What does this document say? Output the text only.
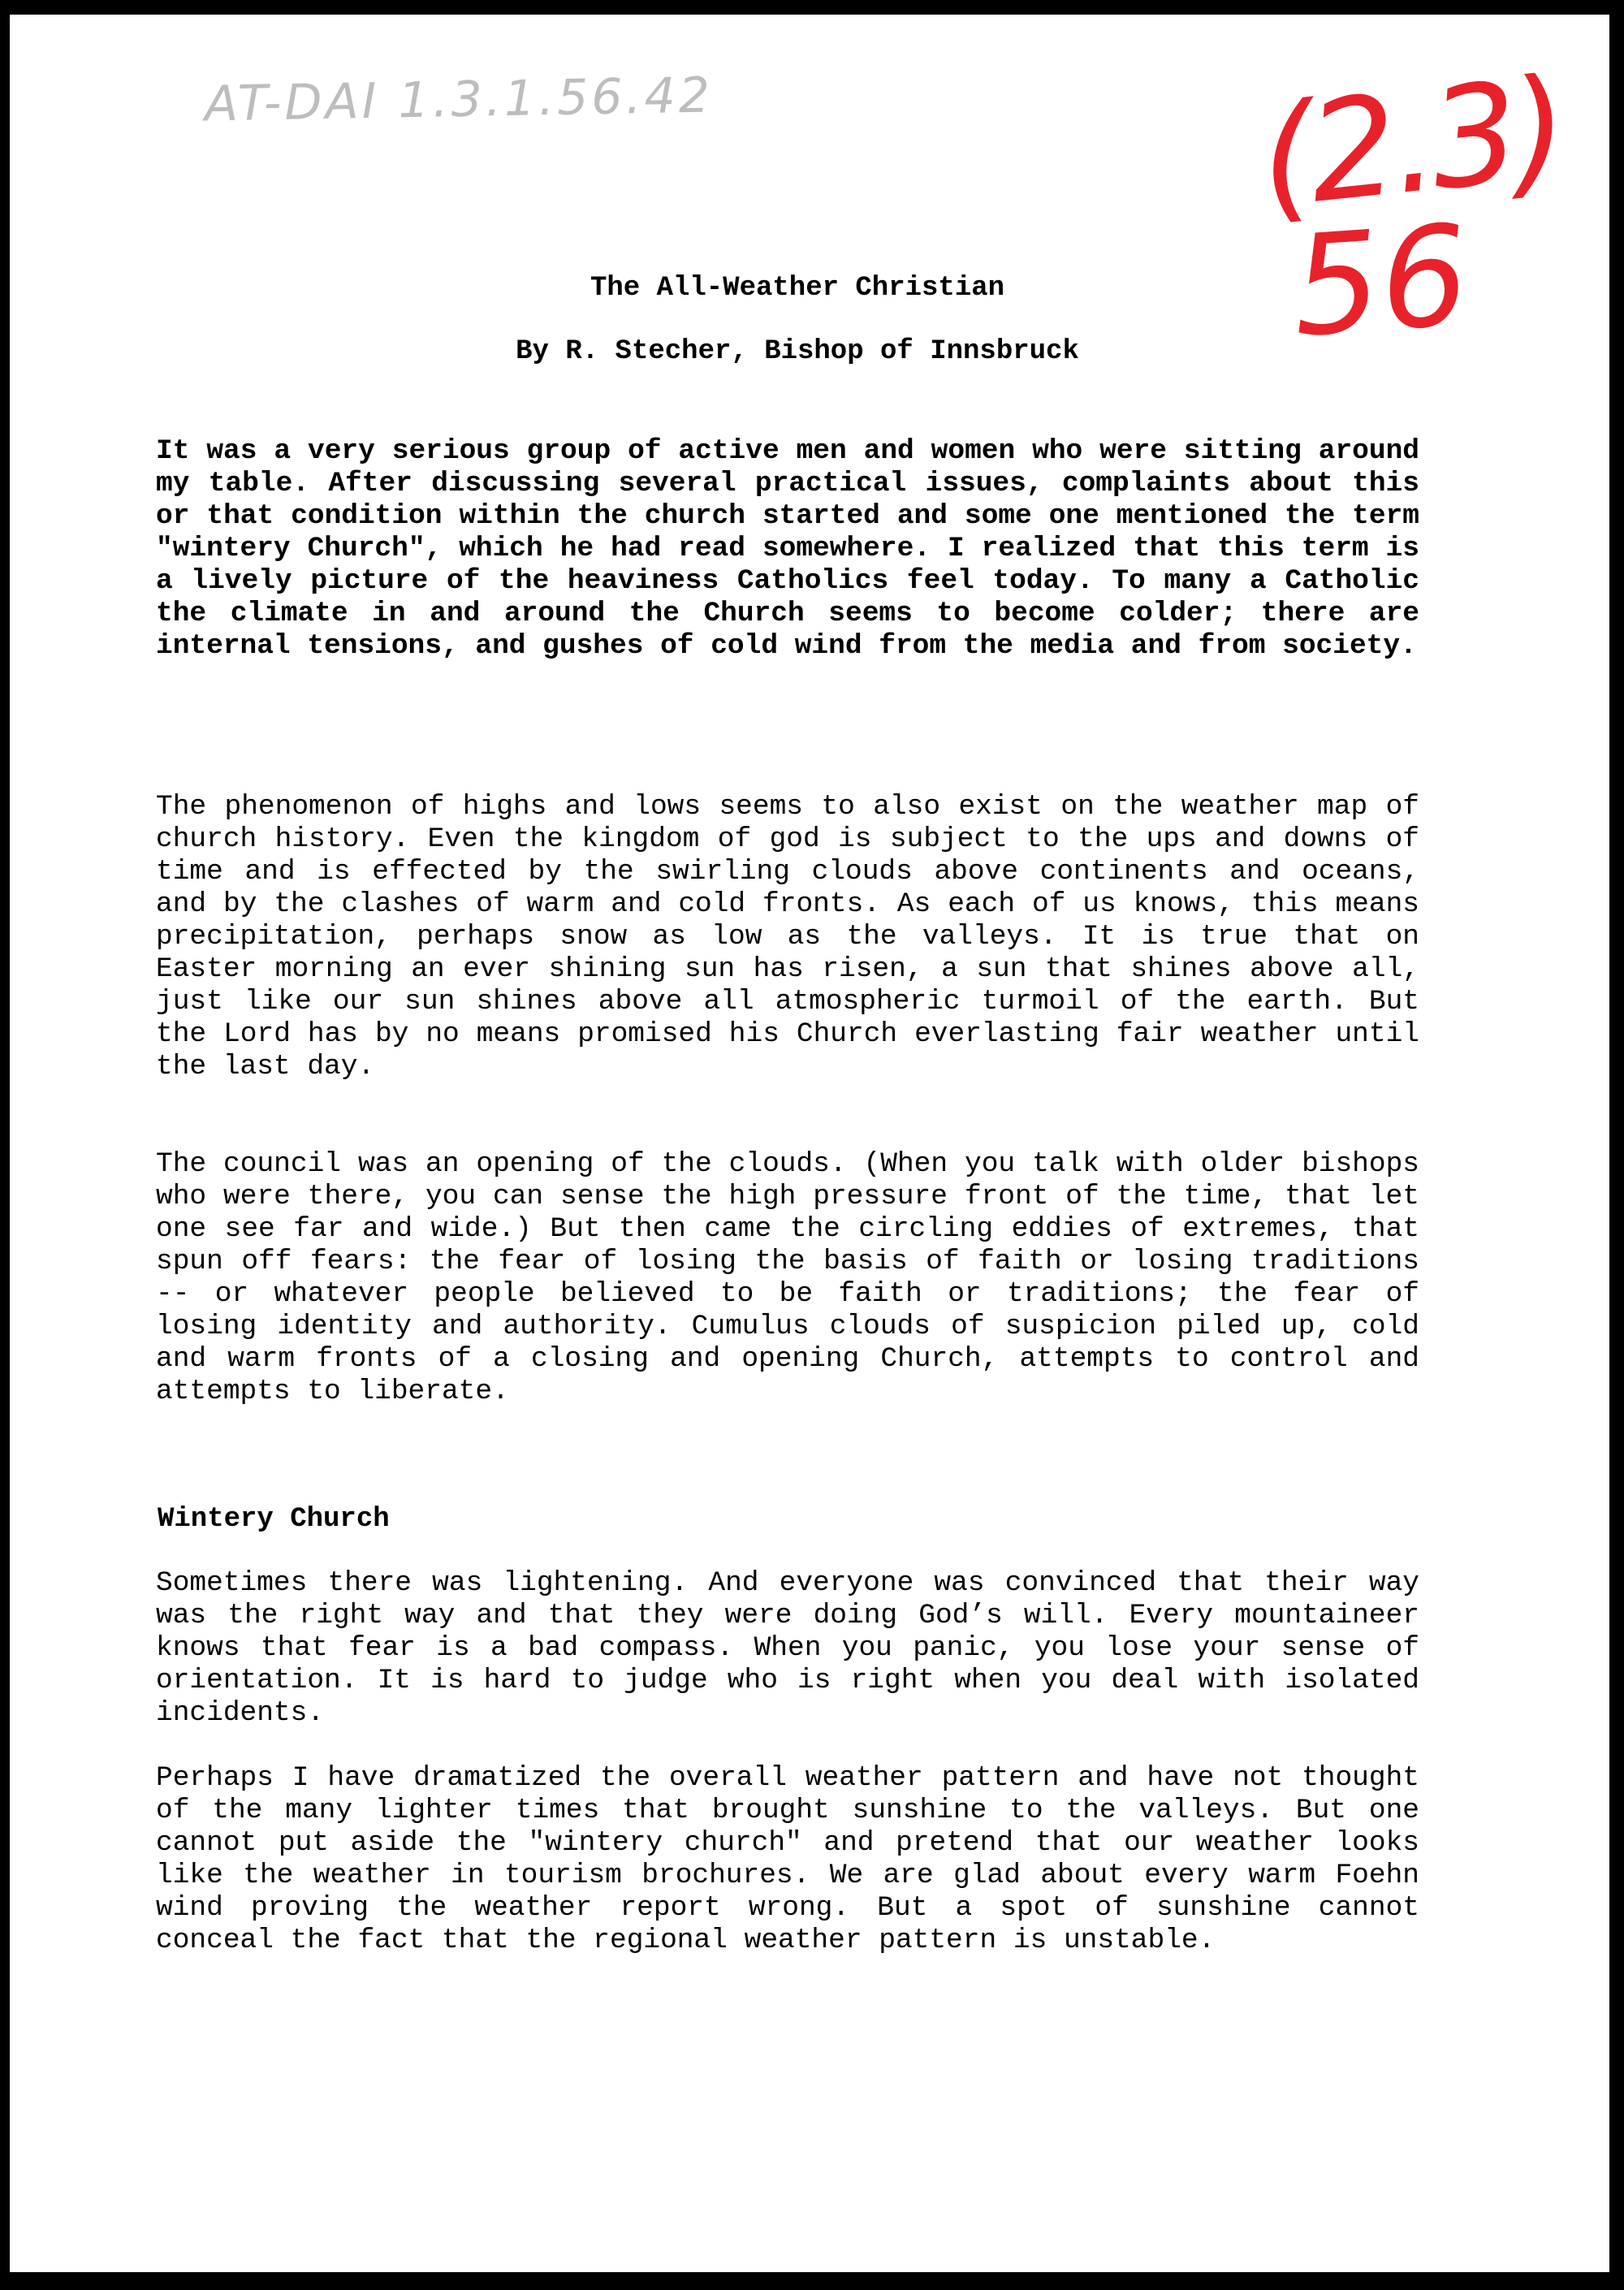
AT-DAI 1.3.1.56.42	(2.3)
56
The All-Weather Christian
By R. Stecher, Bishop of Innsbruck

It was a very serious group of active men and women who were sitting around my table. After discussing several practical issues, complaints about this or that condition within the church started and some one mentioned the term "wintery Church", which he had read somewhere. I realized that this term is a lively picture of the heaviness Catholics feel today. To many a Catholic the climate in and around the Church seems to become colder; there are internal tensions, and gushes of cold wind from the media and from society.

The phenomenon of highs and lows seems to also exist on the weather map of church history. Even the kingdom of god is subject to the ups and downs of time and is effected by the swirling clouds above continents and oceans, and by the clashes of warm and cold fronts. As each of us knows, this means precipitation, perhaps snow as low as the valleys. It is true that on Easter morning an ever shining sun has risen, a sun that shines above all, just like our sun shines above all atmospheric turmoil of the earth. But the Lord has by no means promised his Church everlasting fair weather until the last day.

The council was an opening of the clouds. (When you talk with older bishops who were there, you can sense the high pressure front of the time, that let one see far and wide.) But then came the circling eddies of extremes, that spun off fears: the fear of losing the basis of faith or losing traditions -- or whatever people believed to be faith or traditions; the fear of losing identity and authority. Cumulus clouds of suspicion piled up, cold and warm fronts of a closing and opening Church, attempts to control and attempts to liberate.

Wintery Church

Sometimes there was lightening. And everyone was convinced that their way was the right way and that they were doing God’s will. Every mountaineer knows that fear is a bad compass. When you panic, you lose your sense of orientation. It is hard to judge who is right when you deal with isolated incidents.

Perhaps I have dramatized the overall weather pattern and have not thought of the many lighter times that brought sunshine to the valleys. But one cannot put aside the "wintery church" and pretend that our weather looks like the weather in tourism brochures. We are glad about every warm Foehn wind proving the weather report wrong. But a spot of sunshine cannot conceal the fact that the regional weather pattern is unstable.
